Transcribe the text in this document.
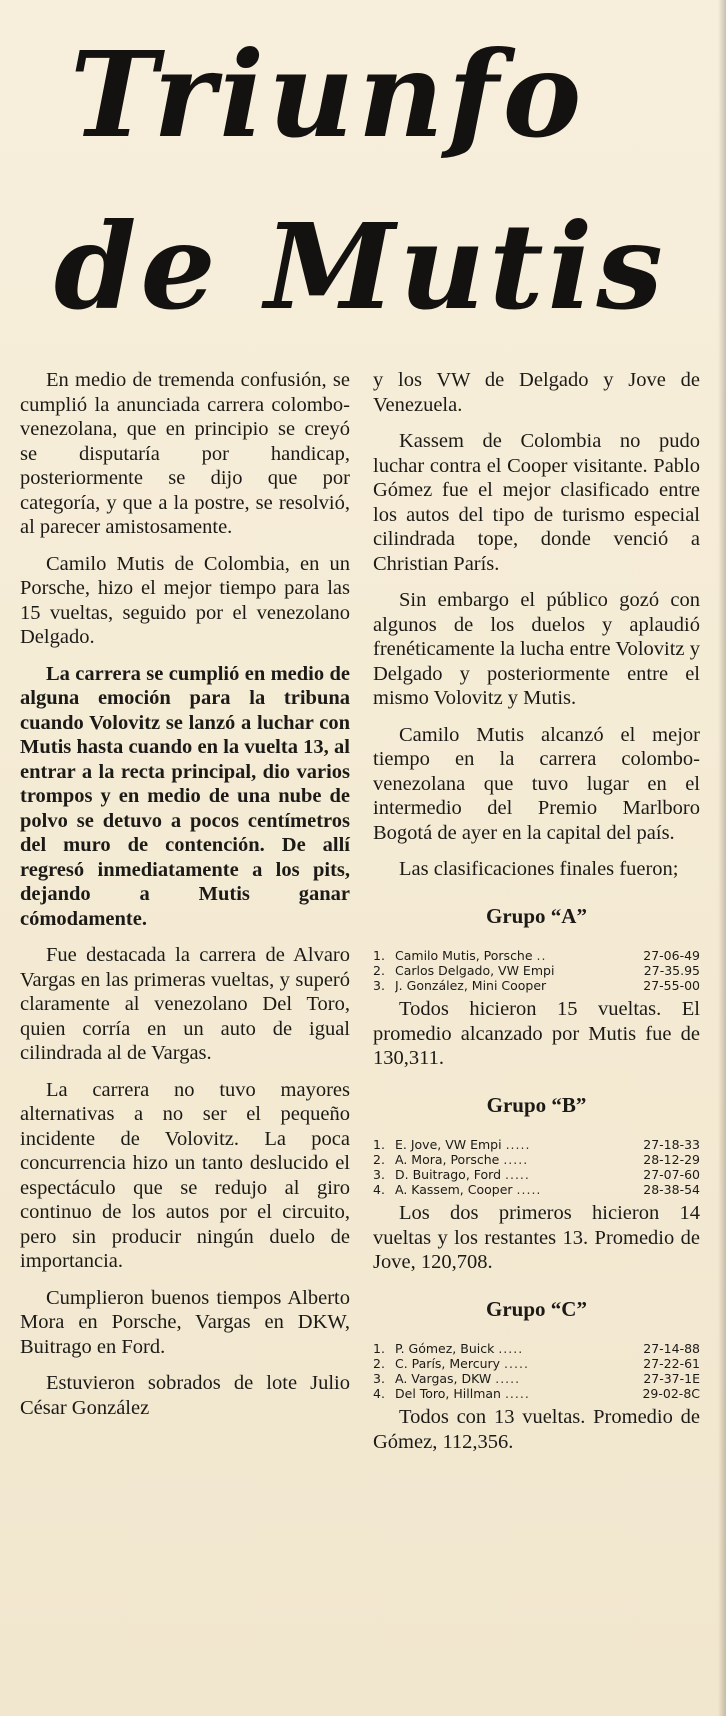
Triunfo
de Mutis

En medio de tremenda confusión, se cumplió la anunciada carrera colombo-venezolana, que en principio se creyó se disputaría por handicap, posteriormente se dijo que por categoría, y que a la postre, se resolvió, al parecer amistosamente.

Camilo Mutis de Colombia, en un Porsche, hizo el mejor tiempo para las 15 vueltas, seguido por el venezolano Delgado.

La carrera se cumplió en medio de alguna emoción para la tribuna cuando Volovitz se lanzó a luchar con Mutis hasta cuando en la vuelta 13, al entrar a la recta principal, dio varios trompos y en medio de una nube de polvo se detuvo a pocos centímetros del muro de contención. De allí regresó inmediatamente a los pits, dejando a Mutis ganar cómodamente.

Fue destacada la carrera de Alvaro Vargas en las primeras vueltas, y superó claramente al venezolano Del Toro, quien corría en un auto de igual cilindrada al de Vargas.

La carrera no tuvo mayores alternativas a no ser el pequeño incidente de Volovitz. La poca concurrencia hizo un tanto deslucido el espectáculo que se redujo al giro continuo de los autos por el circuito, pero sin producir ningún duelo de importancia.

Cumplieron buenos tiempos Alberto Mora en Porsche, Vargas en DKW, Buitrago en Ford.

Estuvieron sobrados de lote Julio César González

y los VW de Delgado y Jove de Venezuela.

Kassem de Colombia no pudo luchar contra el Cooper visitante. Pablo Gómez fue el mejor clasificado entre los autos del tipo de turismo especial cilindrada tope, donde venció a Christian París.

Sin embargo el público gozó con algunos de los duelos y aplaudió frenéticamente la lucha entre Volovitz y Delgado y posteriormente entre el mismo Volovitz y Mutis.

Camilo Mutis alcanzó el mejor tiempo en la carrera colombo-venezolana que tuvo lugar en el intermedio del Premio Marlboro Bogotá de ayer en la capital del país.

Las clasificaciones finales fueron;

Grupo “A”
1.	Camilo Mutis, Porsche ..	27-06-49
2.	Carlos Delgado, VW Empi	27-35.95
3.	J. González, Mini Cooper	27-55-00

Todos hicieron 15 vueltas. El promedio alcanzado por Mutis fue de 130,311.

Grupo “B”
1.	E. Jove, VW Empi .....	27-18-33
2.	A. Mora, Porsche .....	28-12-29
3.	D. Buitrago, Ford .....	27-07-60
4.	A. Kassem, Cooper .....	28-38-54

Los dos primeros hicieron 14 vueltas y los restantes 13. Promedio de Jove, 120,708.

Grupo “C”
1.	P. Gómez, Buick .....	27-14-88
2.	C. París, Mercury .....	27-22-61
3.	A. Vargas, DKW .....	27-37-1E
4.	Del Toro, Hillman .....	29-02-8C

Todos con 13 vueltas. Promedio de Gómez, 112,356.
